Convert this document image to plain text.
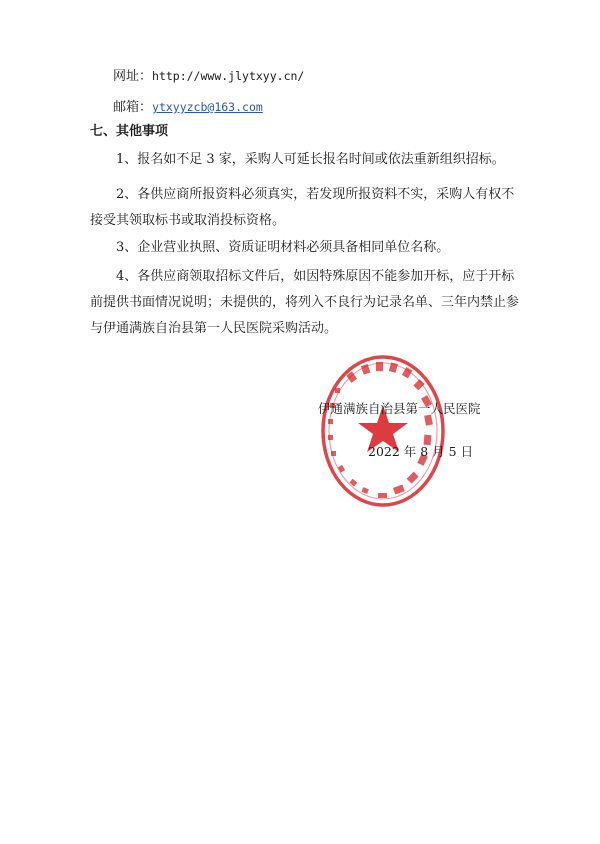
网址：http://www.jlytxyy.cn/
邮箱：ytxyyzcb@163.com
七、其他事项
1、报名如不足 3 家，采购人可延长报名时间或依法重新组织招标。
2、各供应商所报资料必须真实，若发现所报资料不实，采购人有权不接受其领取标书或取消投标资格。
3、企业营业执照、资质证明材料必须具备相同单位名称。
4、各供应商领取招标文件后，如因特殊原因不能参加开标，应于开标前提供书面情况说明；未提供的，将列入不良行为记录名单、三年内禁止参与伊通满族自治县第一人民医院采购活动。
伊通满族自治县第一人民医院
2022 年 8 月 5 日
